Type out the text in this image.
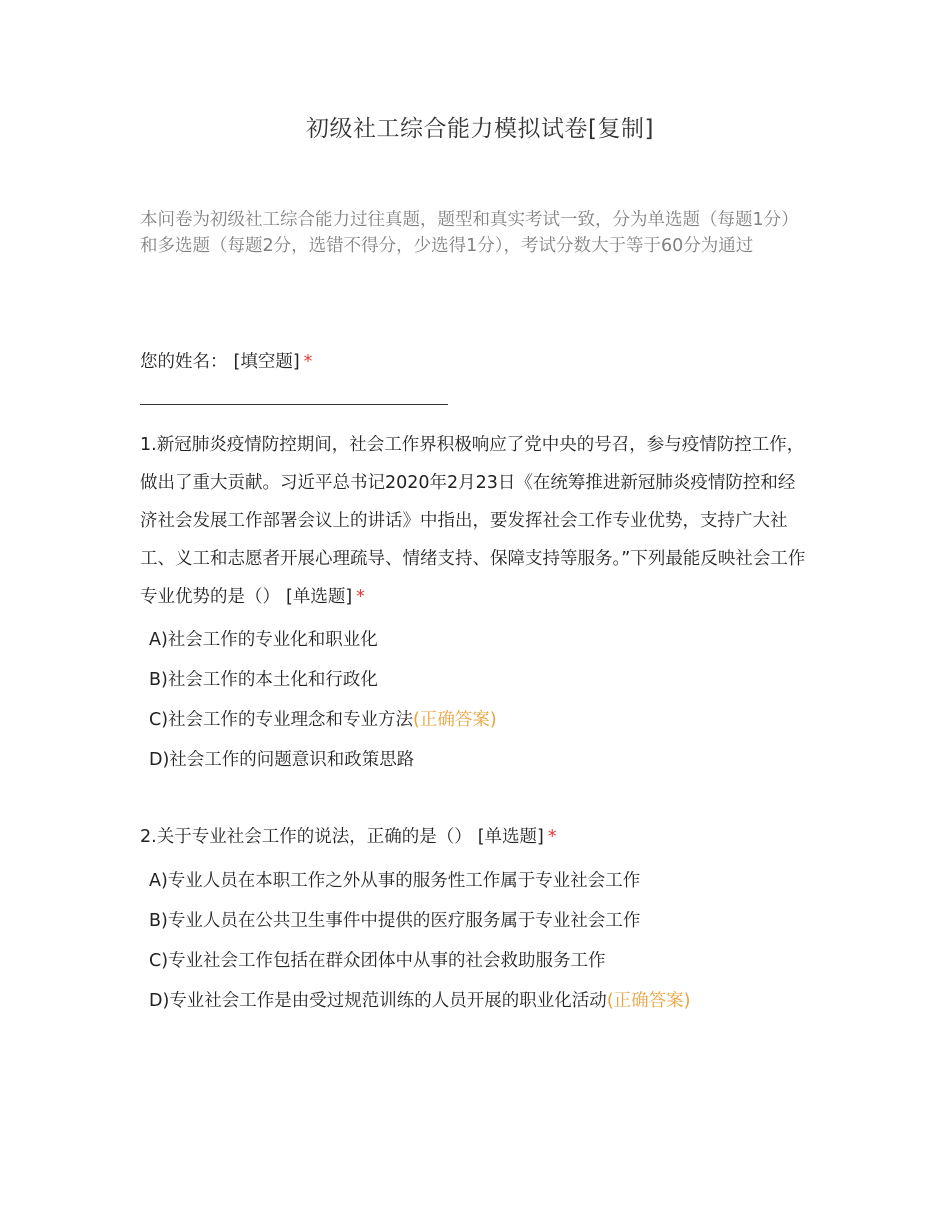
初级社工综合能力模拟试卷[复制]
本问卷为初级社工综合能力过往真题，题型和真实考试一致，分为单选题（每题1分）和多选题（每题2分，选错不得分，少选得1分），考试分数大于等于60分为通过
您的姓名： [填空题] *
1.新冠肺炎疫情防控期间，社会工作界积极响应了党中央的号召，参与疫情防控工作，做出了重大贡献。习近平总书记2020年2月23日《在统筹推进新冠肺炎疫情防控和经济社会发展工作部署会议上的讲话》中指出，要发挥社会工作专业优势，支持广大社工、义工和志愿者开展心理疏导、情绪支持、保障支持等服务。”下列最能反映社会工作专业优势的是（） [单选题] *
A)社会工作的专业化和职业化
B)社会工作的本土化和行政化
C)社会工作的专业理念和专业方法(正确答案)
D)社会工作的问题意识和政策思路
2.关于专业社会工作的说法，正确的是（） [单选题] *
A)专业人员在本职工作之外从事的服务性工作属于专业社会工作
B)专业人员在公共卫生事件中提供的医疗服务属于专业社会工作
C)专业社会工作包括在群众团体中从事的社会救助服务工作
D)专业社会工作是由受过规范训练的人员开展的职业化活动(正确答案)
